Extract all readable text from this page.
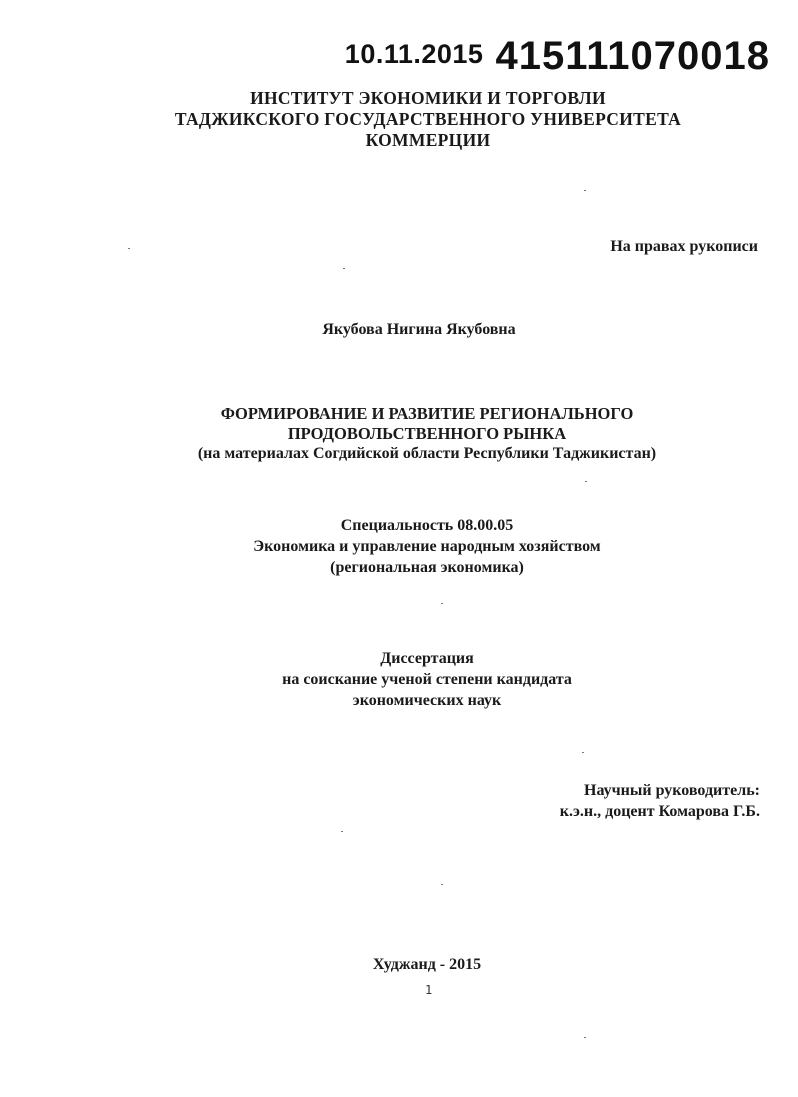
10.11.2015 415111070018
ИНСТИТУТ ЭКОНОМИКИ И ТОРГОВЛИ
ТАДЖИКСКОГО ГОСУДАРСТВЕННОГО УНИВЕРСИТЕТА
КОММЕРЦИИ
На правах рукописи
Якубова Нигина Якубовна
ФОРМИРОВАНИЕ И РАЗВИТИЕ РЕГИОНАЛЬНОГО
ПРОДОВОЛЬСТВЕННОГО РЫНКА
(на материалах Согдийской области Республики Таджикистан)
Специальность 08.00.05
Экономика и управление народным хозяйством
(региональная экономика)
Диссертация
на соискание ученой степени кандидата
экономических наук
Научный руководитель:
к.э.н., доцент Комарова Г.Б.
Худжанд - 2015
1
